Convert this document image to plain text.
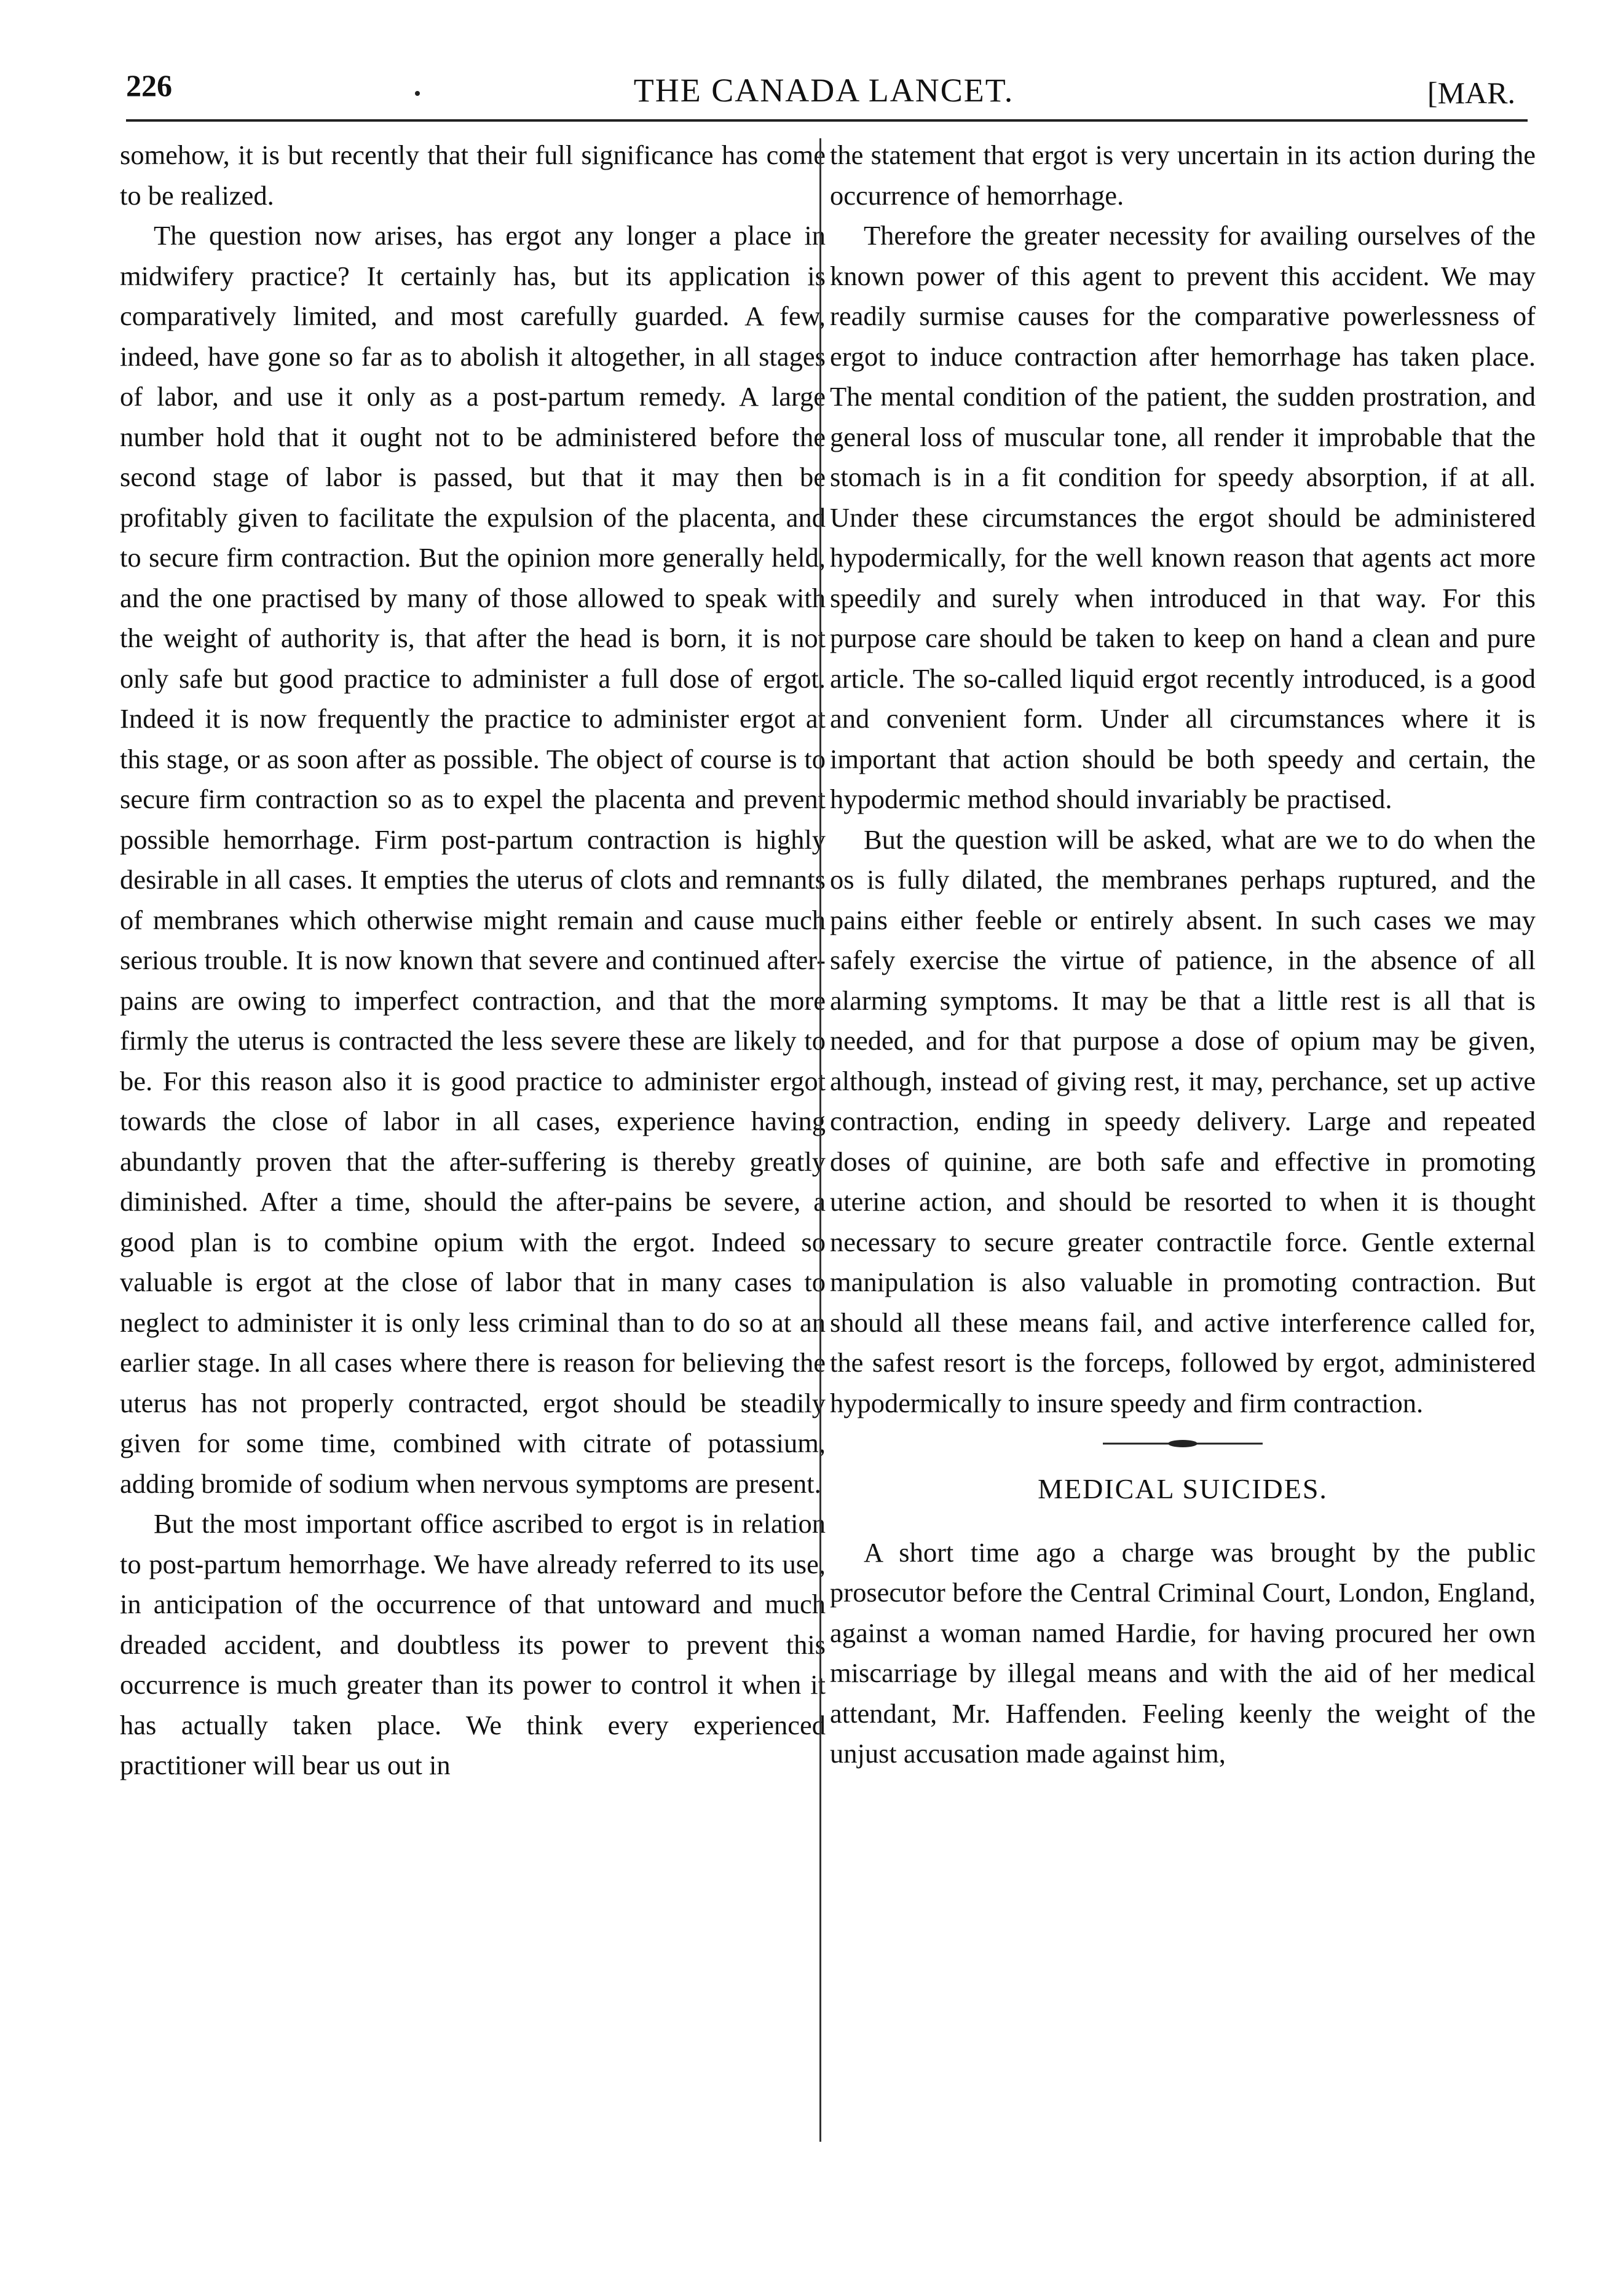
226	THE CANADA LANCET.	[MAR.

somehow, it is but recently that their full significance has come to be realized.

The question now arises, has ergot any longer a place in midwifery practice? It certainly has, but its application is comparatively limited, and most carefully guarded. A few, indeed, have gone so far as to abolish it altogether, in all stages of labor, and use it only as a post-partum remedy. A large number hold that it ought not to be administered before the second stage of labor is passed, but that it may then be profitably given to facilitate the expulsion of the placenta, and to secure firm contraction. But the opinion more generally held, and the one practised by many of those allowed to speak with the weight of authority is, that after the head is born, it is not only safe but good practice to administer a full dose of ergot. Indeed it is now frequently the practice to administer ergot at this stage, or as soon after as possible. The object of course is to secure firm contraction so as to expel the placenta and prevent possible hemorrhage. Firm post-partum contraction is highly desirable in all cases. It empties the uterus of clots and remnants of membranes which otherwise might remain and cause much serious trouble. It is now known that severe and continued after-pains are owing to imperfect contraction, and that the more firmly the uterus is contracted the less severe these are likely to be. For this reason also it is good practice to administer ergot towards the close of labor in all cases, experience having abundantly proven that the after-suffering is thereby greatly diminished. After a time, should the after-pains be severe, a good plan is to combine opium with the ergot. Indeed so valuable is ergot at the close of labor that in many cases to neglect to administer it is only less criminal than to do so at an earlier stage. In all cases where there is reason for believing the uterus has not properly contracted, ergot should be steadily given for some time, combined with citrate of potassium, adding bromide of sodium when nervous symptoms are present.

But the most important office ascribed to ergot is in relation to post-partum hemorrhage. We have already referred to its use, in anticipation of the occurrence of that untoward and much dreaded accident, and doubtless its power to prevent this occurrence is much greater than its power to control it when it has actually taken place. We think every experienced practitioner will bear us out in

the statement that ergot is very uncertain in its action during the occurrence of hemorrhage.

Therefore the greater necessity for availing ourselves of the known power of this agent to prevent this accident. We may readily surmise causes for the comparative powerlessness of ergot to induce contraction after hemorrhage has taken place. The mental condition of the patient, the sudden prostration, and general loss of muscular tone, all render it improbable that the stomach is in a fit condition for speedy absorption, if at all. Under these circumstances the ergot should be administered hypodermically, for the well known reason that agents act more speedily and surely when introduced in that way. For this purpose care should be taken to keep on hand a clean and pure article. The so-called liquid ergot recently introduced, is a good and convenient form. Under all circumstances where it is important that action should be both speedy and certain, the hypodermic method should invariably be practised.

But the question will be asked, what are we to do when the os is fully dilated, the membranes perhaps ruptured, and the pains either feeble or entirely absent. In such cases we may safely exercise the virtue of patience, in the absence of all alarming symptoms. It may be that a little rest is all that is needed, and for that purpose a dose of opium may be given, although, instead of giving rest, it may, perchance, set up active contraction, ending in speedy delivery. Large and repeated doses of quinine, are both safe and effective in promoting uterine action, and should be resorted to when it is thought necessary to secure greater contractile force. Gentle external manipulation is also valuable in promoting contraction. But should all these means fail, and active interference called for, the safest resort is the forceps, followed by ergot, administered hypodermically to insure speedy and firm contraction.

MEDICAL SUICIDES.

A short time ago a charge was brought by the public prosecutor before the Central Criminal Court, London, England, against a woman named Hardie, for having procured her own miscarriage by illegal means and with the aid of her medical attendant, Mr. Haffenden. Feeling keenly the weight of the unjust accusation made against him,
